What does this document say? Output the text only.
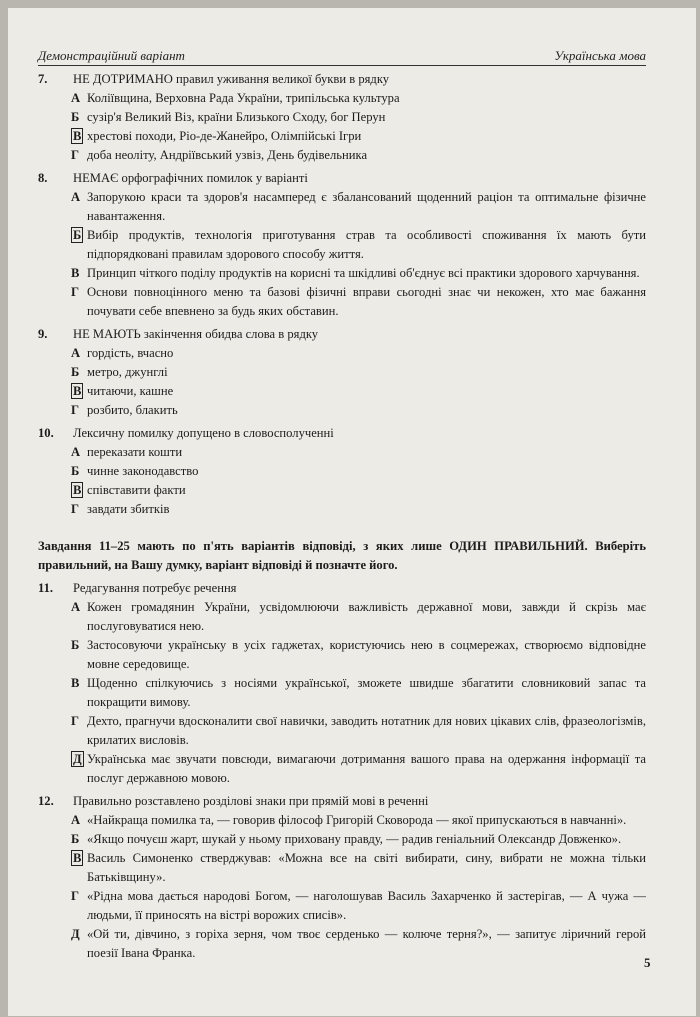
Демонстраційний варіант	Українська мова
7.	НЕ ДОТРИМАНО правил уживання великої букви в рядку
А Коліївщина, Верховна Рада України, трипільська культура
Б сузір'я Великий Віз, країни Близького Сходу, бог Перун
В хрестові походи, Ріо-де-Жанейро, Олімпійські Ігри
Г доба неоліту, Андріївський узвіз, День будівельника
8.	НЕМАЄ орфографічних помилок у варіанті
А Запорукою краси та здоров'я насамперед є збалансований щоденний раціон та оптимальне фізичне навантаження.
Б Вибір продуктів, технологія приготування страв та особливості споживання їх мають бути підпорядковані правилам здорового способу життя.
В Принцип чіткого поділу продуктів на корисні та шкідливі об'єднує всі практики здорового харчування.
Г Основи повноцінного меню та базові фізичні вправи сьогодні знає чи некожен, хто має бажання почувати себе впевнено за будь яких обставин.
9.	НЕ МАЮТЬ закінчення обидва слова в рядку
А гордість, вчасно
Б метро, джунглі
В читаючи, кашне
Г розбито, блакить
10.	Лексичну помилку допущено в словосполученні
А переказати кошти
Б чинне законодавство
В співставити факти
Г завдати збитків
Завдання 11–25 мають по п'ять варіантів відповіді, з яких лише ОДИН ПРАВИЛЬНИЙ. Виберіть правильний, на Вашу думку, варіант відповіді й позначте його.
11.	Редагування потребує речення
А Кожен громадянин України, усвідомлюючи важливість державної мови, завжди й скрізь має послуговуватися нею.
Б Застосовуючи українську в усіх гаджетах, користуючись нею в соцмережах, створюємо відповідне мовне середовище.
В Щоденно спілкуючись з носіями української, зможете швидше збагатити словниковий запас та покращити вимову.
Г Дехто, прагнучи вдосконалити свої навички, заводить нотатник для нових цікавих слів, фразеологізмів, крилатих висловів.
Д Українська має звучати повсюди, вимагаючи дотримання вашого права на одержання інформації та послуг державною мовою.
12.	Правильно розставлено розділові знаки при прямій мові в реченні
А «Найкраща помилка та, — говорив філософ Григорій Сковорода — якої припускаються в навчанні».
Б «Якщо почуєш жарт, шукай у ньому приховану правду, — радив геніальний Олександр Довженко».
В Василь Симоненко стверджував: «Можна все на світі вибирати, сину, вибрати не можна тільки Батьківщину».
Г «Рідна мова дається народові Богом, — наголошував Василь Захарченко й застерігав, — А чужа — людьми, її приносять на вістрі ворожих списів».
Д «Ой ти, дівчино, з горіха зерня, чом твоє серденько — колюче терня?», — запитує ліричний герой поезії Івана Франка.
5
